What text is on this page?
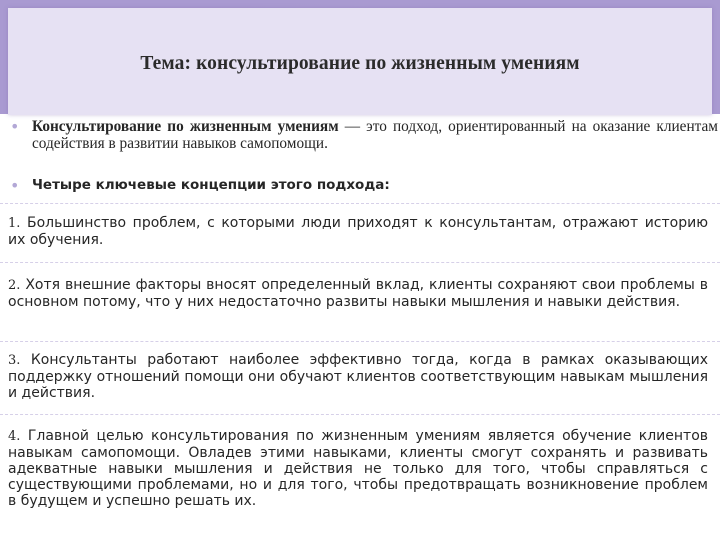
Тема: консультирование по жизненным умениям
• Консультирование по жизненным умениям — это подход, ориентированный на оказание клиентам содействия в развитии навыков самопомощи.
• Четыре ключевые концепции этого подхода:
1. Большинство проблем, с которыми люди приходят к консультантам, отражают историю их обучения.
2. Хотя внешние факторы вносят определенный вклад, клиенты сохраняют свои проблемы в основном потому, что у них недостаточно развиты навыки мышления и навыки действия.
3. Консультанты работают наиболее эффективно тогда, когда в рамках оказывающих поддержку отношений помощи они обучают клиентов соответствующим навыкам мышления и действия.
4. Главной целью консультирования по жизненным умениям является обучение клиентов навыкам самопомощи. Овладев этими навыками, клиенты смогут сохранять и развивать адекватные навыки мышления и действия не только для того, чтобы справляться с существующими проблемами, но и для того, чтобы предотвращать возникновение проблем в будущем и успешно решать их.
